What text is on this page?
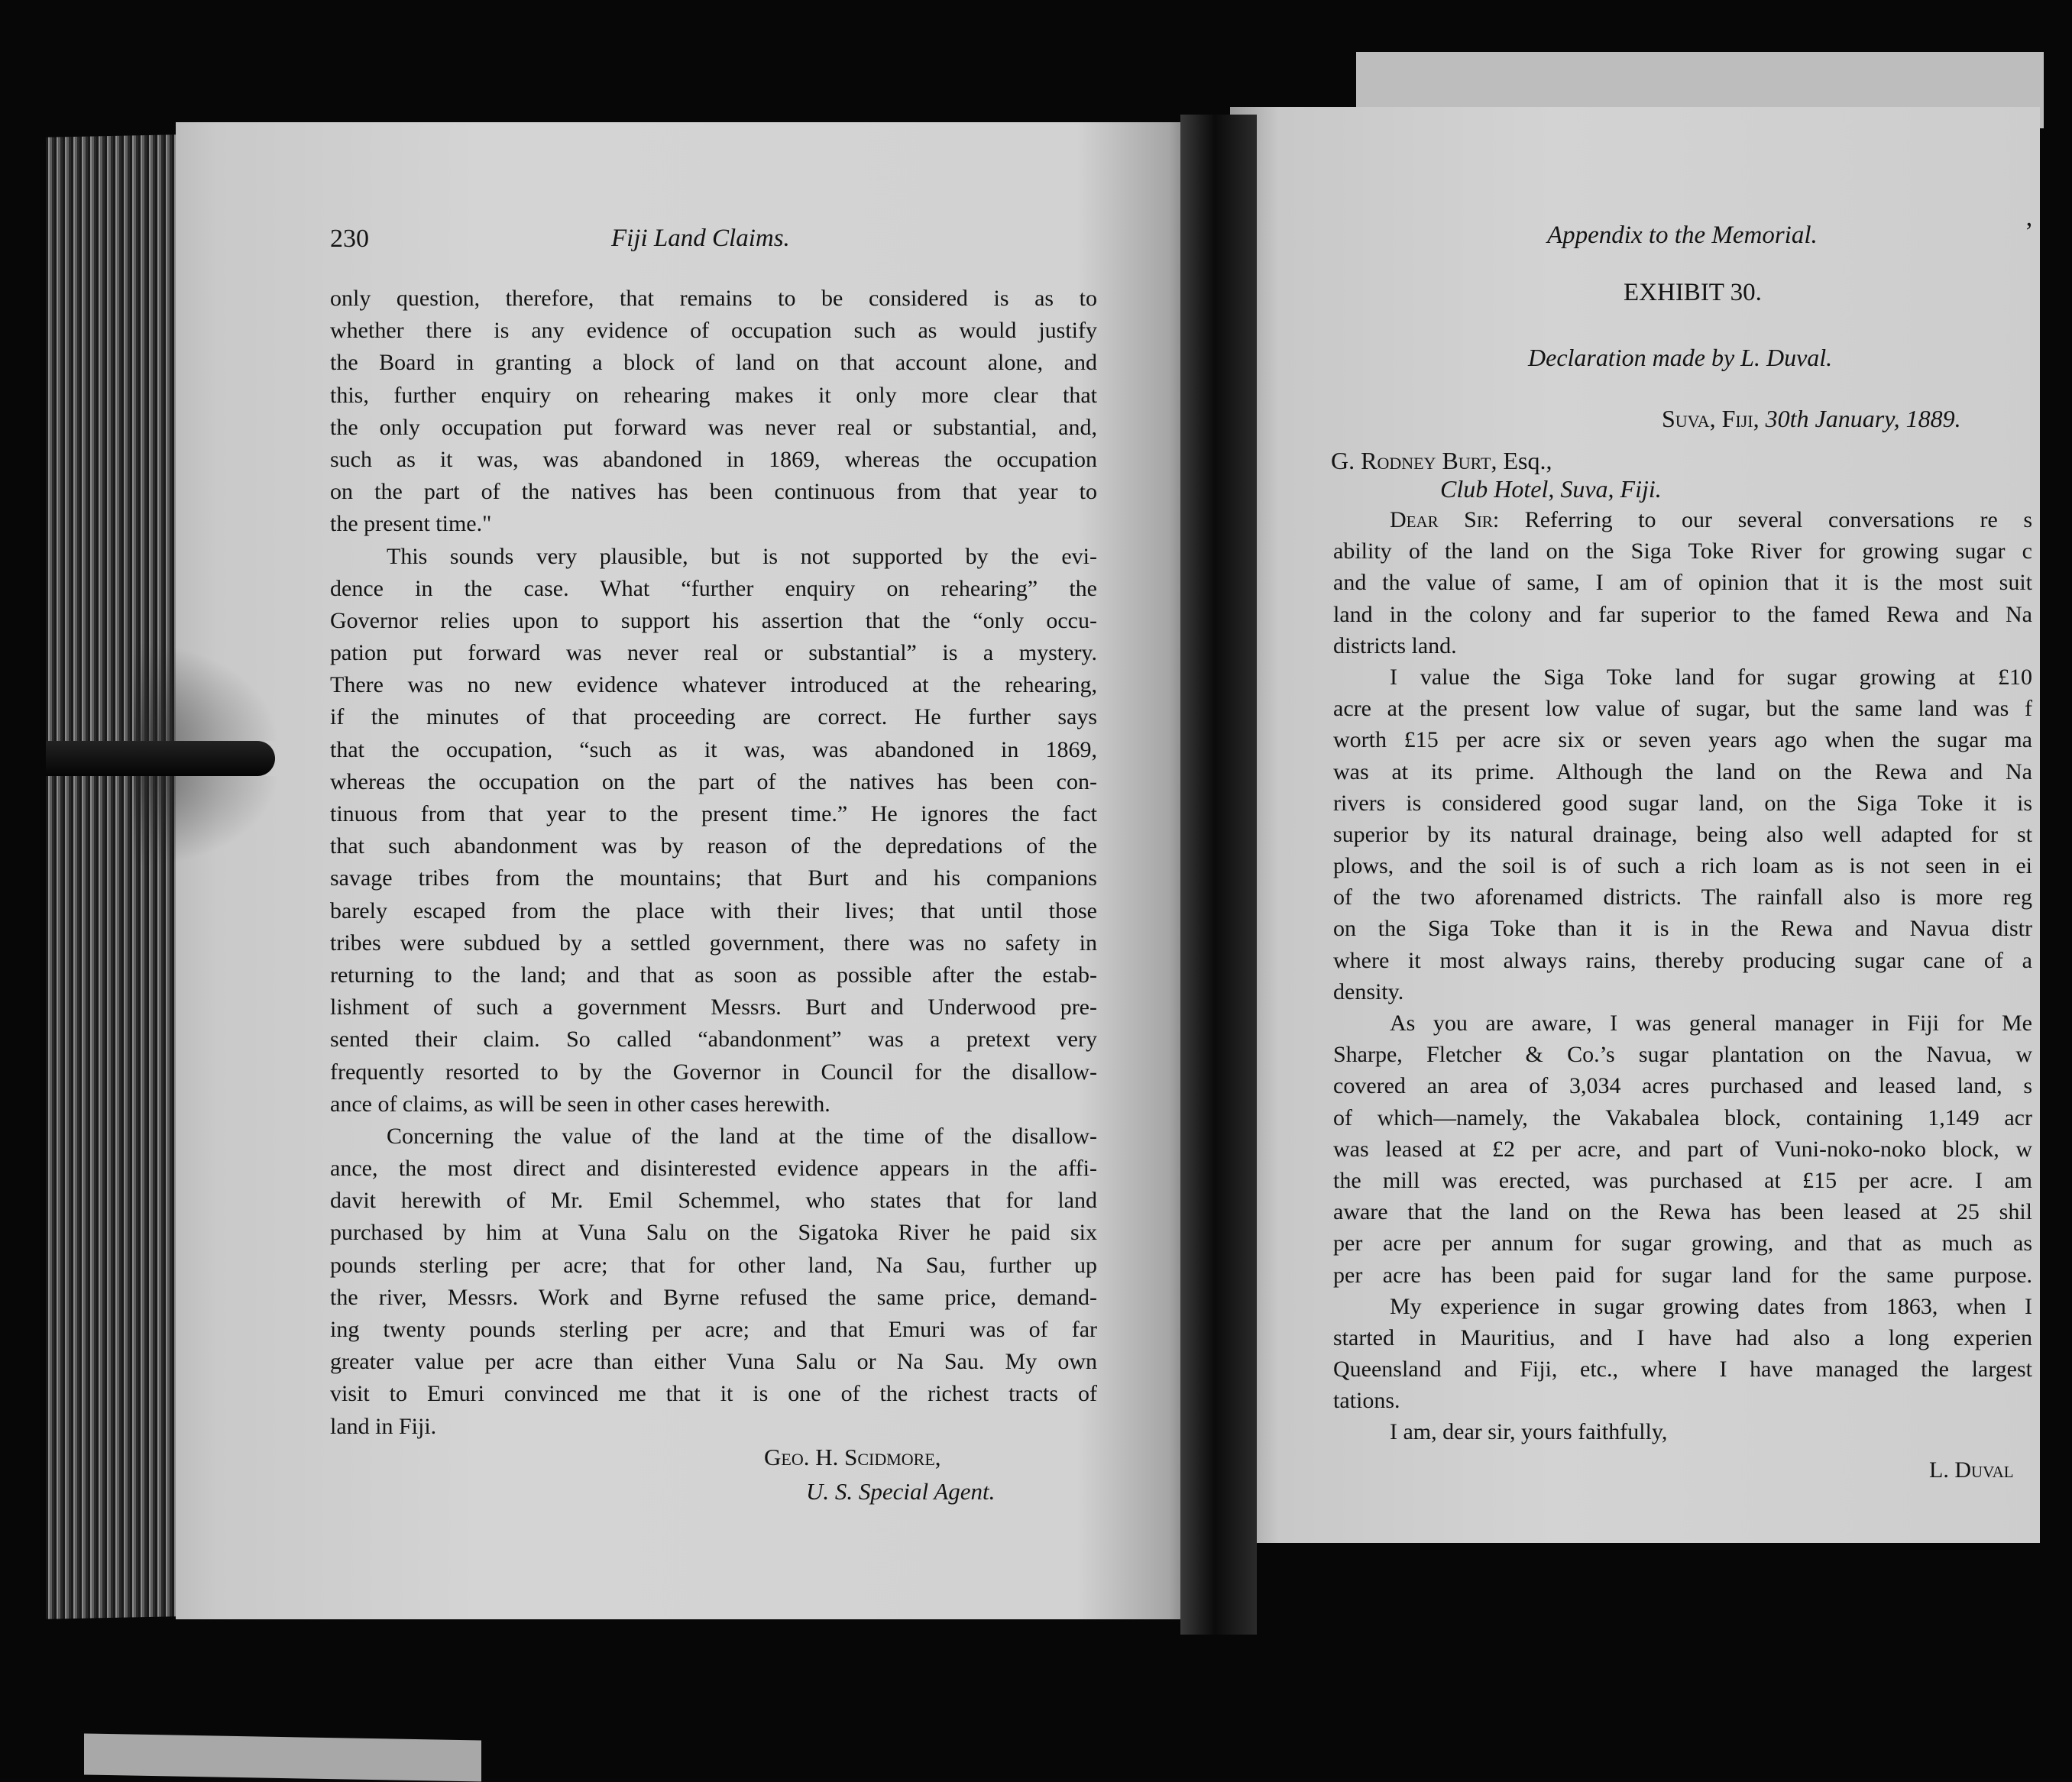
230	Fiji Land Claims.
only question, therefore, that remains to be considered is as to
whether there is any evidence of occupation such as would justify
the Board in granting a block of land on that account alone, and
this, further enquiry on rehearing makes it only more clear that
the only occupation put forward was never real or substantial, and,
such as it was, was abandoned in 1869, whereas the occupation
on the part of the natives has been continuous from that year to
the present time."
This sounds very plausible, but is not supported by the evi-
dence in the case. What “further enquiry on rehearing” the
Governor relies upon to support his assertion that the “only occu-
pation put forward was never real or substantial” is a mystery.
There was no new evidence whatever introduced at the rehearing,
if the minutes of that proceeding are correct. He further says
that the occupation, “such as it was, was abandoned in 1869,
whereas the occupation on the part of the natives has been con-
tinuous from that year to the present time.” He ignores the fact
that such abandonment was by reason of the depredations of the
savage tribes from the mountains; that Burt and his companions
barely escaped from the place with their lives; that until those
tribes were subdued by a settled government, there was no safety in
returning to the land; and that as soon as possible after the estab-
lishment of such a government Messrs. Burt and Underwood pre-
sented their claim. So called “abandonment” was a pretext very
frequently resorted to by the Governor in Council for the disallow-
ance of claims, as will be seen in other cases herewith.
Concerning the value of the land at the time of the disallow-
ance, the most direct and disinterested evidence appears in the affi-
davit herewith of Mr. Emil Schemmel, who states that for land
purchased by him at Vuna Salu on the Sigatoka River he paid six
pounds sterling per acre; that for other land, Na Sau, further up
the river, Messrs. Work and Byrne refused the same price, demand-
ing twenty pounds sterling per acre; and that Emuri was of far
greater value per acre than either Vuna Salu or Na Sau. My own
visit to Emuri convinced me that it is one of the richest tracts of
land in Fiji.
Geo. H. Scidmore,
U. S. Special Agent.
Appendix to the Memorial.	’
EXHIBIT 30.
Declaration made by L. Duval.
Suva, Fiji, 30th January, 1889.
G. Rodney Burt, Esq.,
Club Hotel, Suva, Fiji.
Dear Sir: Referring to our several conversations re s
ability of the land on the Siga Toke River for growing sugar c
and the value of same, I am of opinion that it is the most suit
land in the colony and far superior to the famed Rewa and Na
districts land.
I value the Siga Toke land for sugar growing at £10
acre at the present low value of sugar, but the same land was f
worth £15 per acre six or seven years ago when the sugar ma
was at its prime. Although the land on the Rewa and Na
rivers is considered good sugar land, on the Siga Toke it is
superior by its natural drainage, being also well adapted for st
plows, and the soil is of such a rich loam as is not seen in ei
of the two aforenamed districts. The rainfall also is more reg
on the Siga Toke than it is in the Rewa and Navua distr
where it most always rains, thereby producing sugar cane of a
density.
As you are aware, I was general manager in Fiji for Me
Sharpe, Fletcher & Co.’s sugar plantation on the Navua, w
covered an area of 3,034 acres purchased and leased land, s
of which—namely, the Vakabalea block, containing 1,149 acr
was leased at £2 per acre, and part of Vuni-noko-noko block, w
the mill was erected, was purchased at £15 per acre. I am
aware that the land on the Rewa has been leased at 25 shil
per acre per annum for sugar growing, and that as much as
per acre has been paid for sugar land for the same purpose.
My experience in sugar growing dates from 1863, when I
started in Mauritius, and I have had also a long experien
Queensland and Fiji, etc., where I have managed the largest
tations.
I am, dear sir, yours faithfully,
L. Duval
